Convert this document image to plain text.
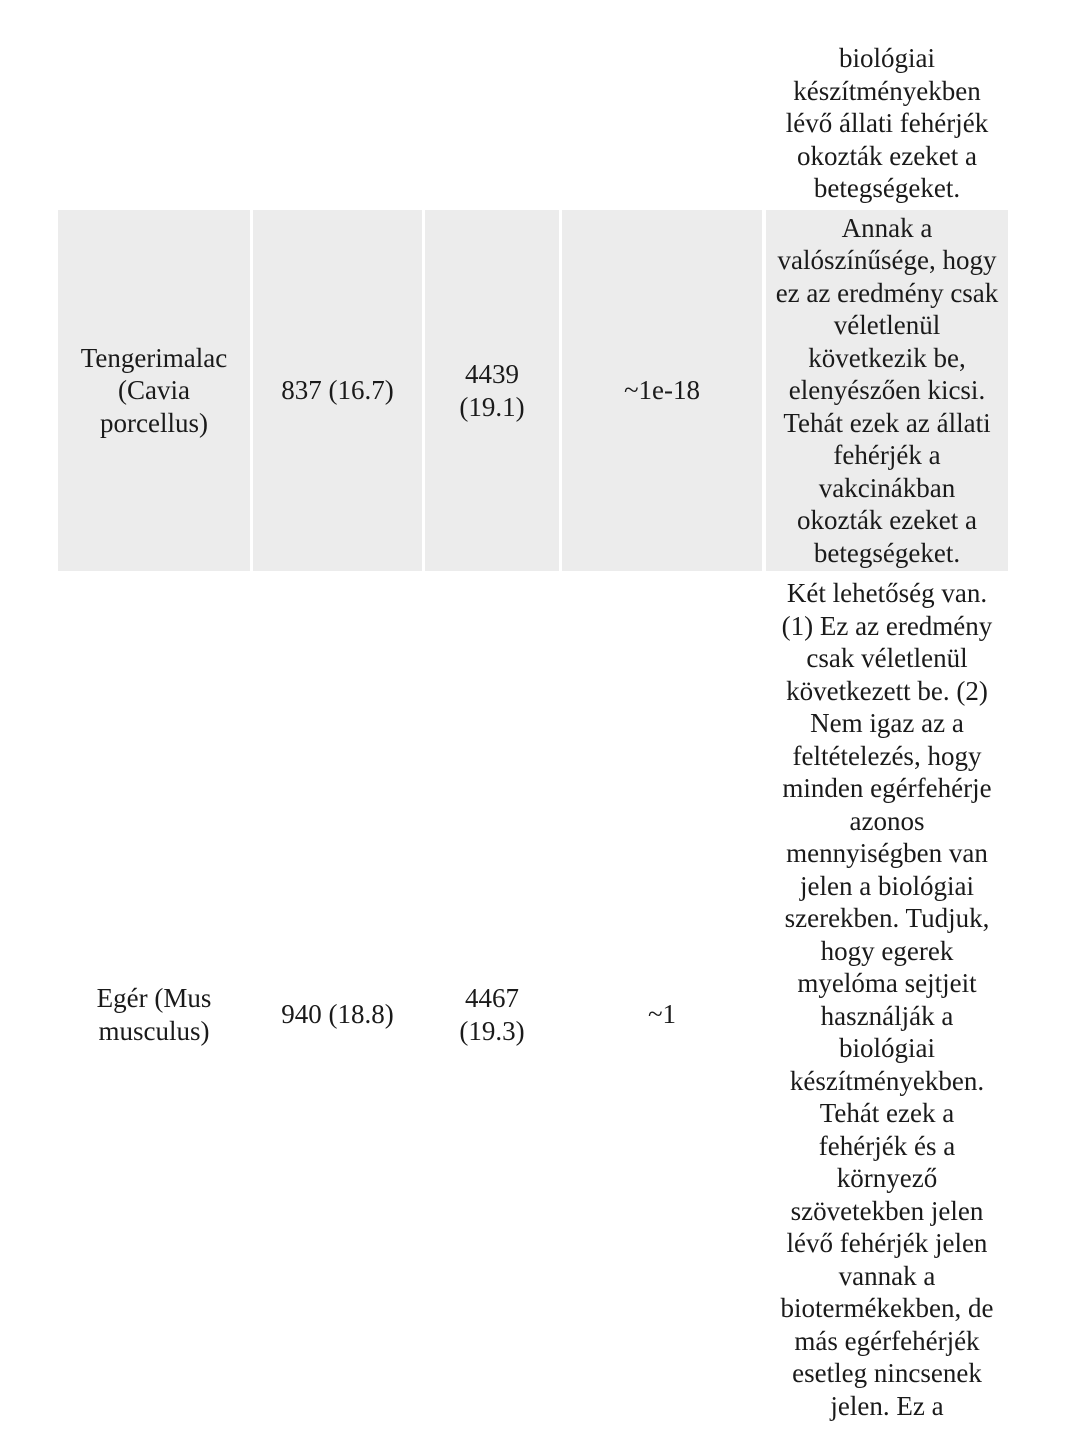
biológiai
készítményekben
lévő állati fehérjék
okozták ezeket a
betegségeket.
Tengerimalac
(Cavia
porcellus)
837 (16.7)
4439
(19.1)
~1e-18
Annak a
valószínűsége, hogy
ez az eredmény csak
véletlenül
következik be,
elenyészően kicsi.
Tehát ezek az állati
fehérjék a
vakcinákban
okozták ezeket a
betegségeket.
Egér (Mus
musculus)
940 (18.8)
4467
(19.3)
~1
Két lehetőség van.
(1) Ez az eredmény
csak véletlenül
következett be. (2)
Nem igaz az a
feltételezés, hogy
minden egérfehérje
azonos
mennyiségben van
jelen a biológiai
szerekben. Tudjuk,
hogy egerek
myelóma sejtjeit
használják a
biológiai
készítményekben.
Tehát ezek a
fehérjék és a
környező
szövetekben jelen
lévő fehérjék jelen
vannak a
biotermékekben, de
más egérfehérjék
esetleg nincsenek
jelen. Ez a
